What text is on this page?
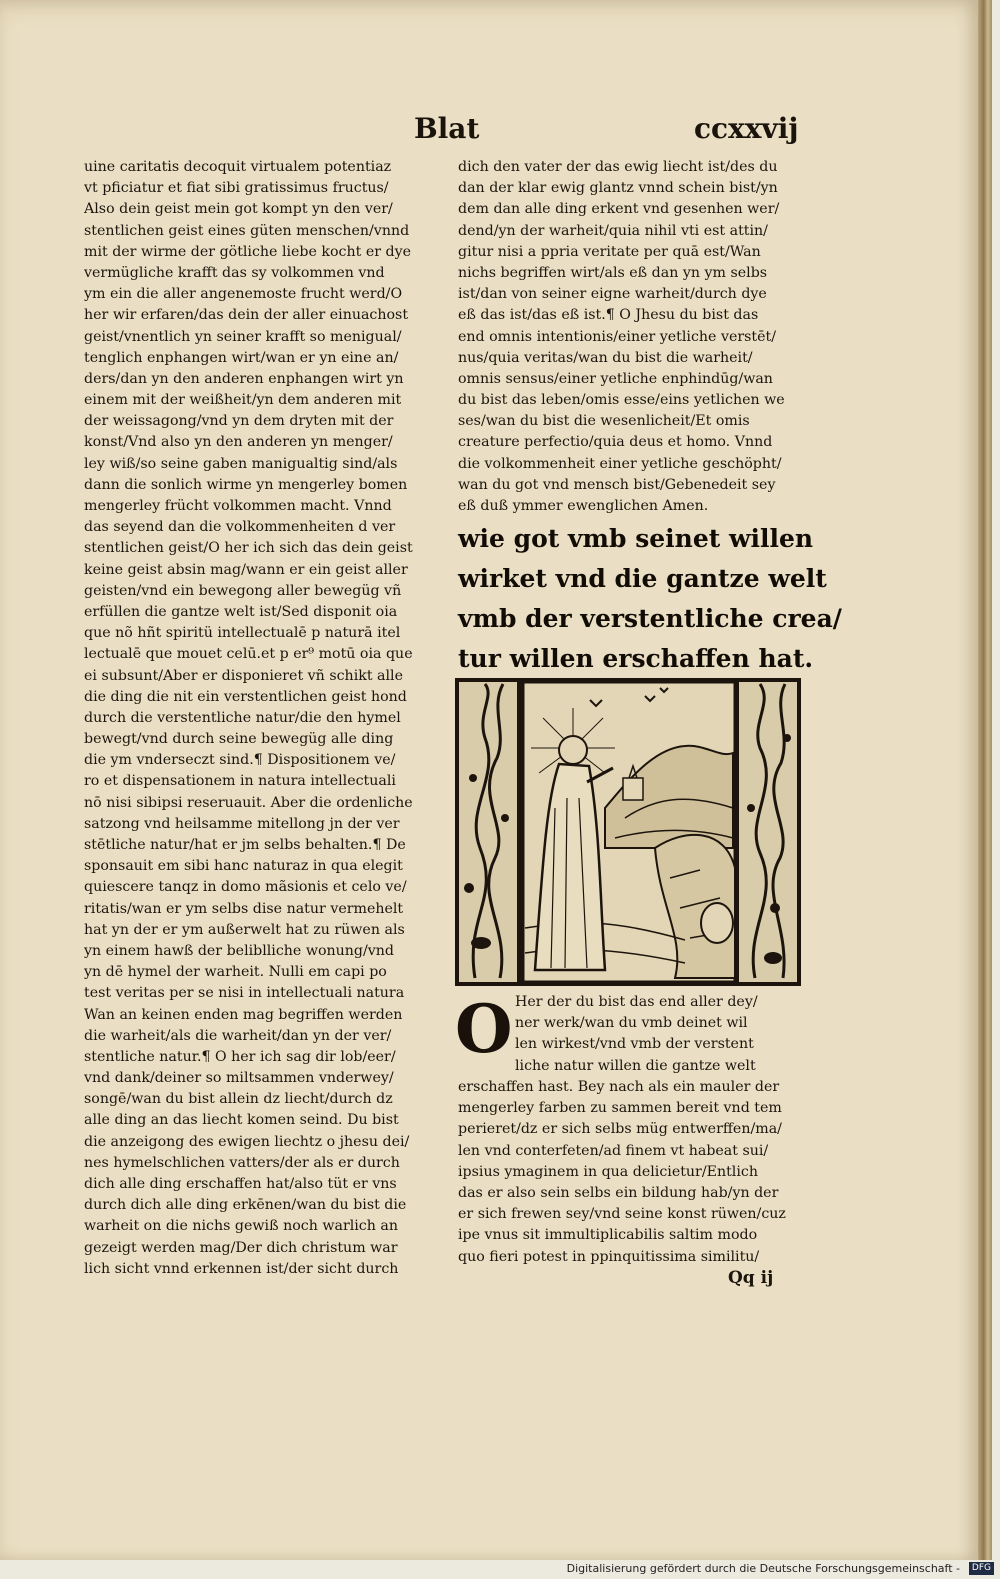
Blat	ccxxvij
uine caritatis decoquit virtualem potentiaz
vt pficiatur et fiat sibi gratissimus fructus/
Also dein geist mein got kompt yn den ver/
stentlichen geist eines güten menschen/vnnd
mit der wirme der götliche liebe kocht er dye
vermügliche krafft das sy volkommen vnd
ym ein die aller angenemoste frucht werd/O
her wir erfaren/das dein der aller einuachost
geist/vnentlich yn seiner krafft so menigual/
tenglich enphangen wirt/wan er yn eine an/
ders/dan yn den anderen enphangen wirt yn
einem mit der weißheit/yn dem anderen mit
der weissagong/vnd yn dem dryten mit der
konst/Vnd also yn den anderen yn menger/
ley wiß/so seine gaben manigualtig sind/als
dann die sonlich wirme yn mengerley bomen
mengerley frücht volkommen macht. Vnnd
das seyend dan die volkommenheiten d ver
stentlichen geist/O her ich sich das dein geist
keine geist absin mag/wann er ein geist aller
geisten/vnd ein bewegong aller bewegüg vñ
erfüllen die gantze welt ist/Sed disponit oia
que nõ hñt spiritü intellectualē p naturā itel
lectualē que mouet celū.et p er⁹ motū oia que
ei subsunt/Aber er disponieret vñ schikt alle
die ding die nit ein verstentlichen geist hond
durch die verstentliche natur/die den hymel
bewegt/vnd durch seine bewegüg alle ding
die ym vnderseczt sind.¶ Dispositionem ve/
ro et dispensationem in natura intellectuali
nō nisi sibipsi reseruauit. Aber die ordenliche
satzong vnd heilsamme mitellong jn der ver
stētliche natur/hat er jm selbs behalten.¶ De
sponsauit em sibi hanc naturaz in qua elegit
quiescere tanqz in domo mãsionis et celo ve/
ritatis/wan er ym selbs dise natur vermehelt
hat yn der er ym außerwelt hat zu rüwen als
yn einem hawß der beliblliche wonung/vnd
yn dē hymel der warheit. Nulli em capi po
test veritas per se nisi in intellectuali natura
Wan an keinen enden mag begriffen werden
die warheit/als die warheit/dan yn der ver/
stentliche natur.¶ O her ich sag dir lob/eer/
vnd dank/deiner so miltsammen vnderwey/
songē/wan du bist allein dz liecht/durch dz
alle ding an das liecht komen seind. Du bist
die anzeigong des ewigen liechtz o jhesu dei/
nes hymelschlichen vatters/der als er durch
dich alle ding erschaffen hat/also tüt er vns
durch dich alle ding erkēnen/wan du bist die
warheit on die nichs gewiß noch warlich an
gezeigt werden mag/Der dich christum war
lich sicht vnnd erkennen ist/der sicht durch
dich den vater der das ewig liecht ist/des du
dan der klar ewig glantz vnnd schein bist/yn
dem dan alle ding erkent vnd gesenhen wer/
dend/yn der warheit/quia nihil vti est attin/
gitur nisi a ppria veritate per quā est/Wan
nichs begriffen wirt/als eß dan yn ym selbs
ist/dan von seiner eigne warheit/durch dye
eß das ist/das eß ist.¶ O Jhesu du bist das
end omnis intentionis/einer yetliche verstēt/
nus/quia veritas/wan du bist die warheit/
omnis sensus/einer yetliche enphindūg/wan
du bist das leben/omis esse/eins yetlichen we
ses/wan du bist die wesenlicheit/Et omis
creature perfectio/quia deus et homo. Vnnd
die volkommenheit einer yetliche geschöpht/
wan du got vnd mensch bist/Gebenedeit sey
eß duß ymmer ewenglichen Amen.
wie got vmb seinet willen
wirket vnd die gantze welt
vmb der verstentliche crea/
tur willen erschaffen hat.
O Her der du bist das end aller dey/
ner werk/wan du vmb deinet wil
len wirkest/vnd vmb der verstent
liche natur willen die gantze welt
erschaffen hast. Bey nach als ein mauler der
mengerley farben zu sammen bereit vnd tem
perieret/dz er sich selbs müg entwerffen/ma/
len vnd conterfeten/ad finem vt habeat sui/
ipsius ymaginem in qua delicietur/Entlich
das er also sein selbs ein bildung hab/yn der
er sich frewen sey/vnd seine konst rüwen/cuz
ipe vnus sit immultiplicabilis saltim modo
quo fieri potest in ppinquitissima similitu/
Qq ij
Digitalisierung gefördert durch die Deutsche Forschungsgemeinschaft -	DFG
